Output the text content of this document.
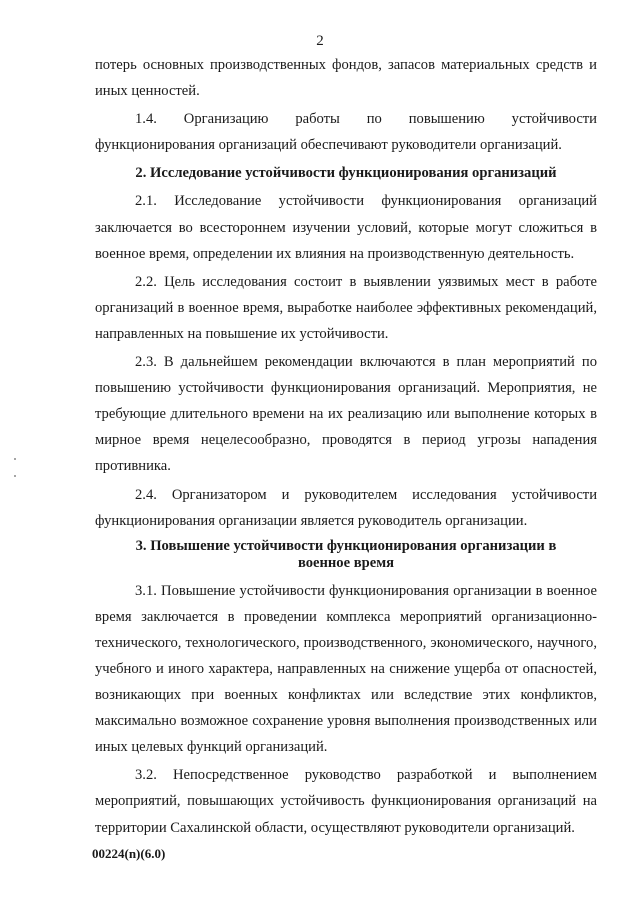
2

потерь основных производственных фондов, запасов материальных средств и иных ценностей.

1.4. Организацию работы по повышению устойчивости функционирования организаций обеспечивают руководители организаций.

2. Исследование устойчивости функционирования организаций

2.1. Исследование устойчивости функционирования организаций заключается во всестороннем изучении условий, которые могут сложиться в военное время, определении их влияния на производственную деятельность.

2.2. Цель исследования состоит в выявлении уязвимых мест в работе организаций в военное время, выработке наиболее эффективных рекомендаций, направленных на повышение их устойчивости.

2.3. В дальнейшем рекомендации включаются в план мероприятий по повышению устойчивости функционирования организаций. Мероприятия, не требующие длительного времени на их реализацию или выполнение которых в мирное время нецелесообразно, проводятся в период угрозы нападения противника.

2.4. Организатором и руководителем исследования устойчивости функционирования организации является руководитель организации.

3. Повышение устойчивости функционирования организации в
военное время

3.1. Повышение устойчивости функционирования организации в военное время заключается в проведении комплекса мероприятий организационно-технического, технологического, производственного, экономического, научного, учебного и иного характера, направленных на снижение ущерба от опасностей, возникающих при военных конфликтах или вследствие этих конфликтов, максимально возможное сохранение уровня выполнения производственных или иных целевых функций организаций.

3.2. Непосредственное руководство разработкой и выполнением мероприятий, повышающих устойчивость функционирования организаций на территории Сахалинской области, осуществляют руководители организаций.

00224(n)(6.0)
